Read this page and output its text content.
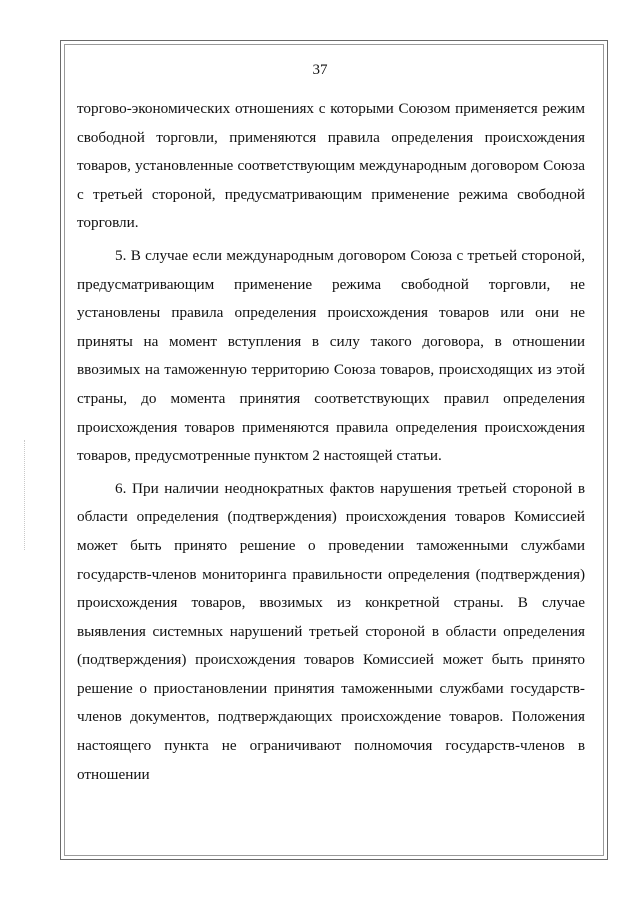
37

торгово-экономических отношениях с которыми Союзом применяется режим свободной торговли, применяются правила определения происхождения товаров, установленные соответствующим международным договором Союза с третьей стороной, предусматривающим применение режима свободной торговли.

5. В случае если международным договором Союза с третьей стороной, предусматривающим применение режима свободной торговли, не установлены правила определения происхождения товаров или они не приняты на момент вступления в силу такого договора, в отношении ввозимых на таможенную территорию Союза товаров, происходящих из этой страны, до момента принятия соответствующих правил определения происхождения товаров применяются правила определения происхождения товаров, предусмотренные пунктом 2 настоящей статьи.

6. При наличии неоднократных фактов нарушения третьей стороной в области определения (подтверждения) происхождения товаров Комиссией может быть принято решение о проведении таможенными службами государств-членов мониторинга правильности определения (подтверждения) происхождения товаров, ввозимых из конкретной страны. В случае выявления системных нарушений третьей стороной в области определения (подтверждения) происхождения товаров Комиссией может быть принято решение о приостановлении принятия таможенными службами государств-членов документов, подтверждающих происхождение товаров. Положения настоящего пункта не ограничивают полномочия государств-членов в отношении
